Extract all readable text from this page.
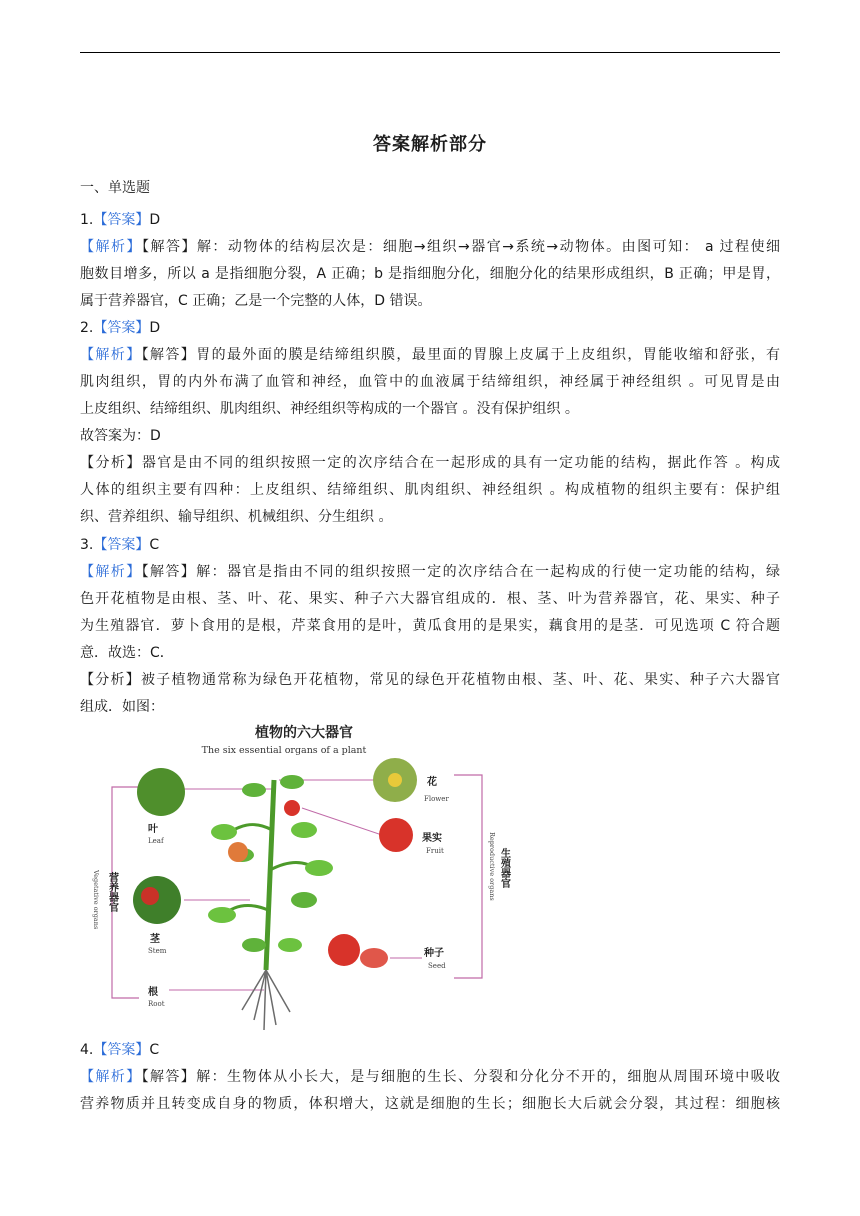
答案解析部分
一、单选题
1.【答案】D
【解析】【解答】解：动物体的结构层次是：细胞→组织→器官→系统→动物体。由图可知： a 过程使细
胞数目增多，所以 a 是指细胞分裂，A 正确；b 是指细胞分化，细胞分化的结果形成组织，B 正确；甲是胃，
属于营养器官，C 正确；乙是一个完整的人体，D 错误。
2.【答案】D
【解析】【解答】胃的最外面的膜是结缔组织膜，最里面的胃腺上皮属于上皮组织，胃能收缩和舒张，有
肌肉组织，胃的内外布满了血管和神经，血管中的血液属于结缔组织，神经属于神经组织 。可见胃是由
上皮组织、结缔组织、肌肉组织、神经组织等构成的一个器官 。没有保护组织 。
故答案为：D
【分析】器官是由不同的组织按照一定的次序结合在一起形成的具有一定功能的结构，据此作答 。构成
人体的组织主要有四种：上皮组织、结缔组织、肌肉组织、神经组织 。构成植物的组织主要有：保护组
织、营养组织、输导组织、机械组织、分生组织 。
3.【答案】C
【解析】【解答】解：器官是指由不同的组织按照一定的次序结合在一起构成的行使一定功能的结构，绿
色开花植物是由根、茎、叶、花、果实、种子六大器官组成的．根、茎、叶为营养器官，花、果实、种子
为生殖器官．萝卜食用的是根，芹菜食用的是叶，黄瓜食用的是果实，藕食用的是茎．可见选项 C 符合题
意．故选：C．
【分析】被子植物通常称为绿色开花植物，常见的绿色开花植物由根、茎、叶、花、果实、种子六大器官
组成．如图：
植物的六大器官
The six essential organs of a plant
营养器官
Vegetative organs
生殖器官
Reproductive organs
叶
Leaf
茎
Stem
根
Root
花
Flower
果实
Fruit
种子
Seed
4.【答案】C
【解析】【解答】解：生物体从小长大，是与细胞的生长、分裂和分化分不开的，细胞从周围环境中吸收
营养物质并且转变成自身的物质，体积增大，这就是细胞的生长；细胞长大后就会分裂，其过程：细胞核
